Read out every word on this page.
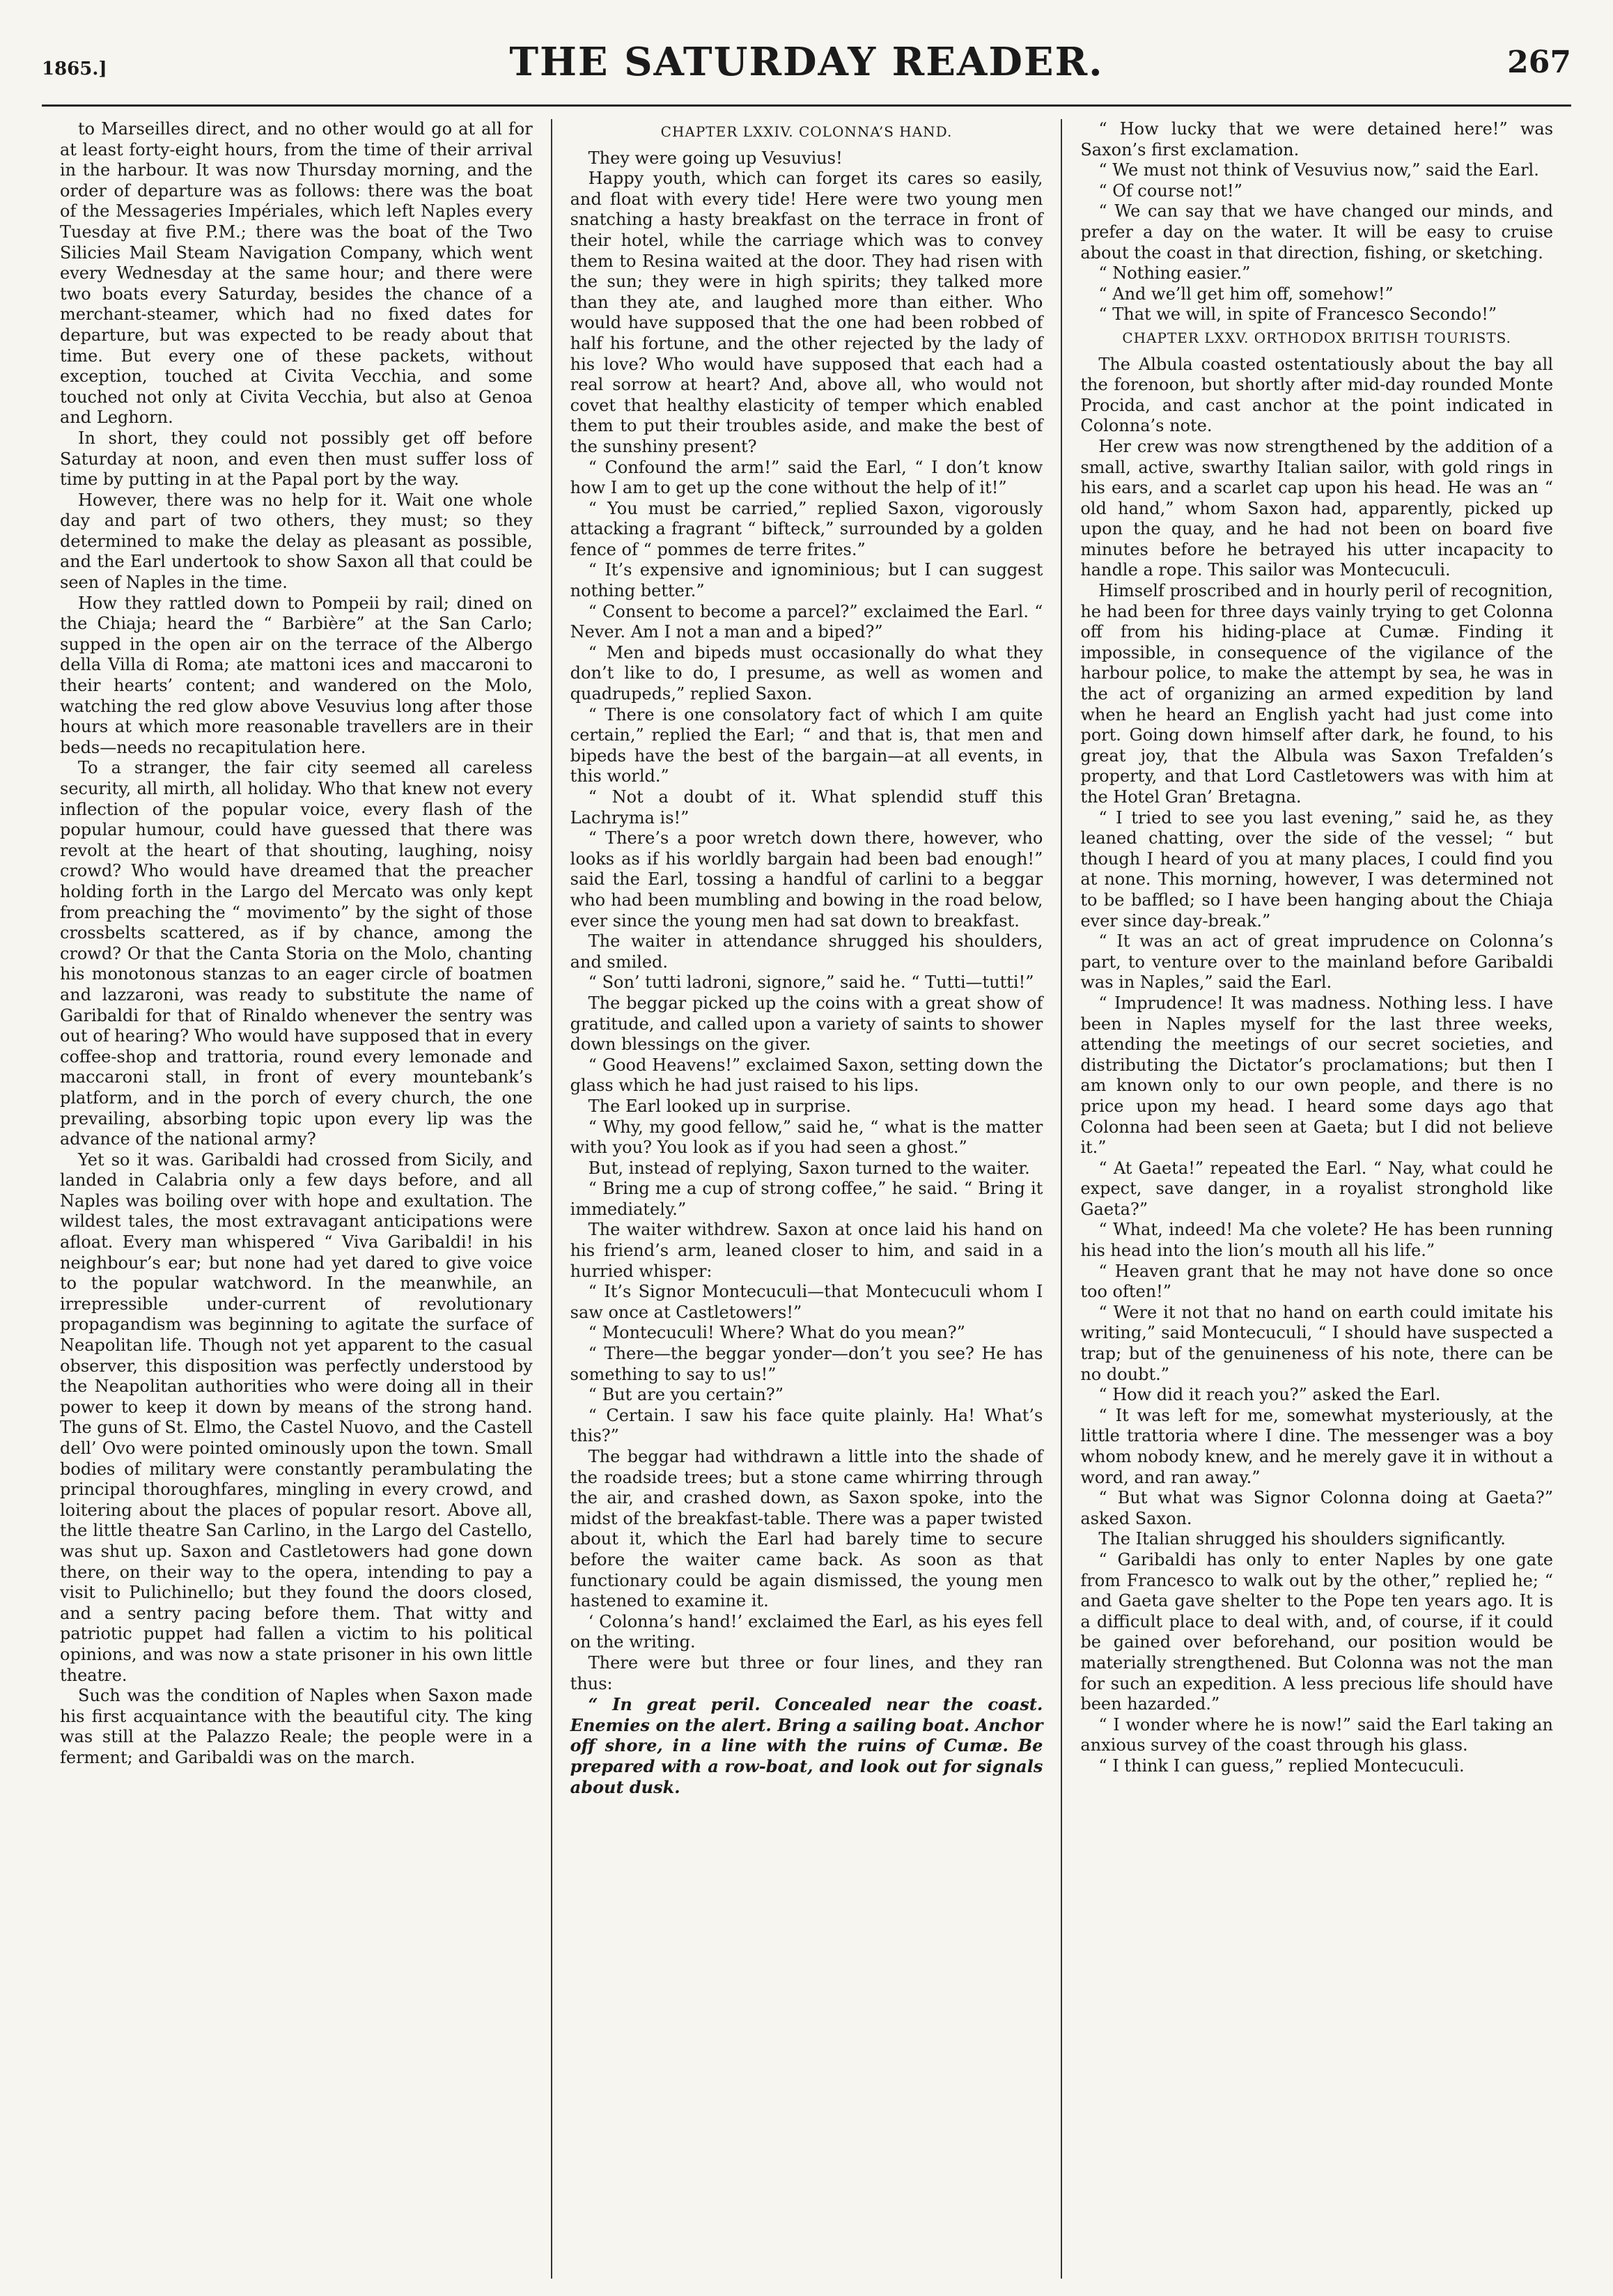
1865.]	THE SATURDAY READER.	267

to Marseilles direct, and no other would go at all for at least forty-eight hours, from the time of their arrival in the harbour. It was now Thursday morning, and the order of departure was as follows: there was the boat of the Messageries Impériales, which left Naples every Tuesday at five P.M.; there was the boat of the Two Silicies Mail Steam Navigation Company, which went every Wednesday at the same hour; and there were two boats every Saturday, besides the chance of a merchant-steamer, which had no fixed dates for departure, but was expected to be ready about that time. But every one of these packets, without exception, touched at Civita Vecchia, and some touched not only at Civita Vecchia, but also at Genoa and Leghorn.

In short, they could not possibly get off before Saturday at noon, and even then must suffer loss of time by putting in at the Papal port by the way.

However, there was no help for it. Wait one whole day and part of two others, they must; so they determined to make the delay as pleasant as possible, and the Earl undertook to show Saxon all that could be seen of Naples in the time.

How they rattled down to Pompeii by rail; dined on the Chiaja; heard the “ Barbière” at the San Carlo; supped in the open air on the terrace of the Albergo della Villa di Roma; ate mattoni ices and maccaroni to their hearts’ content; and wandered on the Molo, watching the red glow above Vesuvius long after those hours at which more reasonable travellers are in their beds—needs no recapitulation here.

To a stranger, the fair city seemed all careless security, all mirth, all holiday. Who that knew not every inflection of the popular voice, every flash of the popular humour, could have guessed that there was revolt at the heart of that shouting, laughing, noisy crowd? Who would have dreamed that the preacher holding forth in the Largo del Mercato was only kept from preaching the “ movimento” by the sight of those crossbelts scattered, as if by chance, among the crowd? Or that the Canta Storia on the Molo, chanting his monotonous stanzas to an eager circle of boatmen and lazzaroni, was ready to substitute the name of Garibaldi for that of Rinaldo whenever the sentry was out of hearing? Who would have supposed that in every coffee-shop and trattoria, round every lemonade and maccaroni stall, in front of every mountebank’s platform, and in the porch of every church, the one prevailing, absorbing topic upon every lip was the advance of the national army?

Yet so it was. Garibaldi had crossed from Sicily, and landed in Calabria only a few days before, and all Naples was boiling over with hope and exultation. The wildest tales, the most extravagant anticipations were afloat. Every man whispered “ Viva Garibaldi! in his neighbour’s ear; but none had yet dared to give voice to the popular watchword. In the meanwhile, an irrepressible under-current of revolutionary propagandism was beginning to agitate the surface of Neapolitan life. Though not yet apparent to the casual observer, this disposition was perfectly understood by the Neapolitan authorities who were doing all in their power to keep it down by means of the strong hand. The guns of St. Elmo, the Castel Nuovo, and the Castell dell’ Ovo were pointed ominously upon the town. Small bodies of military were constantly perambulating the principal thoroughfares, mingling in every crowd, and loitering about the places of popular resort. Above all, the little theatre San Carlino, in the Largo del Castello, was shut up. Saxon and Castletowers had gone down there, on their way to the opera, intending to pay a visit to Pulichinello; but they found the doors closed, and a sentry pacing before them. That witty and patriotic puppet had fallen a victim to his political opinions, and was now a state prisoner in his own little theatre.

Such was the condition of Naples when Saxon made his first acquaintance with the beautiful city. The king was still at the Palazzo Reale; the people were in a ferment; and Garibaldi was on the march.

CHAPTER LXXIV. COLONNA’S HAND.

They were going up Vesuvius!

Happy youth, which can forget its cares so easily, and float with every tide! Here were two young men snatching a hasty breakfast on the terrace in front of their hotel, while the carriage which was to convey them to Resina waited at the door. They had risen with the sun; they were in high spirits; they talked more than they ate, and laughed more than either. Who would have supposed that the one had been robbed of half his fortune, and the other rejected by the lady of his love? Who would have supposed that each had a real sorrow at heart? And, above all, who would not covet that healthy elasticity of temper which enabled them to put their troubles aside, and make the best of the sunshiny present?

“ Confound the arm!” said the Earl, “ I don’t know how I am to get up the cone without the help of it!”

“ You must be carried,” replied Saxon, vigorously attacking a fragrant “ bifteck,” surrounded by a golden fence of “ pommes de terre frites.”

“ It’s expensive and ignominious; but I can suggest nothing better.”

“ Consent to become a parcel?” exclaimed the Earl. “ Never. Am I not a man and a biped?”

“ Men and bipeds must occasionally do what they don’t like to do, I presume, as well as women and quadrupeds,” replied Saxon.

“ There is one consolatory fact of which I am quite certain,” replied the Earl; “ and that is, that men and bipeds have the best of the bargain—at all events, in this world.”

“ Not a doubt of it. What splendid stuff this Lachryma is!”

“ There’s a poor wretch down there, however, who looks as if his worldly bargain had been bad enough!” said the Earl, tossing a handful of carlini to a beggar who had been mumbling and bowing in the road below, ever since the young men had sat down to breakfast.

The waiter in attendance shrugged his shoulders, and smiled.

“ Son’ tutti ladroni, signore,” said he. “ Tutti—tutti!”

The beggar picked up the coins with a great show of gratitude, and called upon a variety of saints to shower down blessings on the giver.

“ Good Heavens!” exclaimed Saxon, setting down the glass which he had just raised to his lips.

The Earl looked up in surprise.

“ Why, my good fellow,” said he, “ what is the matter with you? You look as if you had seen a ghost.”

But, instead of replying, Saxon turned to the waiter.

“ Bring me a cup of strong coffee,” he said. “ Bring it immediately.”

The waiter withdrew. Saxon at once laid his hand on his friend’s arm, leaned closer to him, and said in a hurried whisper:

“ It’s Signor Montecuculi—that Montecuculi whom I saw once at Castletowers!”

“ Montecuculi! Where? What do you mean?”

“ There—the beggar yonder—don’t you see? He has something to say to us!”

“ But are you certain?”

“ Certain. I saw his face quite plainly. Ha! What’s this?”

The beggar had withdrawn a little into the shade of the roadside trees; but a stone came whirring through the air, and crashed down, as Saxon spoke, into the midst of the breakfast-table. There was a paper twisted about it, which the Earl had barely time to secure before the waiter came back. As soon as that functionary could be again dismissed, the young men hastened to examine it.

‘ Colonna’s hand!’ exclaimed the Earl, as his eyes fell on the writing.

There were but three or four lines, and they ran thus:

“ In great peril. Concealed near the coast. Enemies on the alert. Bring a sailing boat. Anchor off shore, in a line with the ruins of Cumæ. Be prepared with a row-boat, and look out for signals about dusk.

“ How lucky that we were detained here!” was Saxon’s first exclamation.

“ We must not think of Vesuvius now,” said the Earl.

“ Of course not!”

“ We can say that we have changed our minds, and prefer a day on the water. It will be easy to cruise about the coast in that direction, fishing, or sketching.

“ Nothing easier.”

“ And we’ll get him off, somehow!”

“ That we will, in spite of Francesco Secondo!”

CHAPTER LXXV. ORTHODOX BRITISH TOURISTS.

The Albula coasted ostentatiously about the bay all the forenoon, but shortly after mid-day rounded Monte Procida, and cast anchor at the point indicated in Colonna’s note.

Her crew was now strengthened by the addition of a small, active, swarthy Italian sailor, with gold rings in his ears, and a scarlet cap upon his head. He was an “ old hand,” whom Saxon had, apparently, picked up upon the quay, and he had not been on board five minutes before he betrayed his utter incapacity to handle a rope. This sailor was Montecuculi.

Himself proscribed and in hourly peril of recognition, he had been for three days vainly trying to get Colonna off from his hiding-place at Cumæ. Finding it impossible, in consequence of the vigilance of the harbour police, to make the attempt by sea, he was in the act of organizing an armed expedition by land when he heard an English yacht had just come into port. Going down himself after dark, he found, to his great joy, that the Albula was Saxon Trefalden’s property, and that Lord Castletowers was with him at the Hotel Gran’ Bretagna.

“ I tried to see you last evening,” said he, as they leaned chatting, over the side of the vessel; “ but though I heard of you at many places, I could find you at none. This morning, however, I was determined not to be baffled; so I have been hanging about the Chiaja ever since day-break.”

“ It was an act of great imprudence on Colonna’s part, to venture over to the mainland before Garibaldi was in Naples,” said the Earl.

“ Imprudence! It was madness. Nothing less. I have been in Naples myself for the last three weeks, attending the meetings of our secret societies, and distributing the Dictator’s proclamations; but then I am known only to our own people, and there is no price upon my head. I heard some days ago that Colonna had been seen at Gaeta; but I did not believe it.”

“ At Gaeta!” repeated the Earl. “ Nay, what could he expect, save danger, in a royalist stronghold like Gaeta?”

“ What, indeed! Ma che volete? He has been running his head into the lion’s mouth all his life.”

“ Heaven grant that he may not have done so once too often!”

“ Were it not that no hand on earth could imitate his writing,” said Montecuculi, “ I should have suspected a trap; but of the genuineness of his note, there can be no doubt.”

“ How did it reach you?” asked the Earl.

“ It was left for me, somewhat mysteriously, at the little trattoria where I dine. The messenger was a boy whom nobody knew, and he merely gave it in without a word, and ran away.”

“ But what was Signor Colonna doing at Gaeta?” asked Saxon.

The Italian shrugged his shoulders significantly.

“ Garibaldi has only to enter Naples by one gate from Francesco to walk out by the other,” replied he; “ and Gaeta gave shelter to the Pope ten years ago. It is a difficult place to deal with, and, of course, if it could be gained over beforehand, our position would be materially strengthened. But Colonna was not the man for such an expedition. A less precious life should have been hazarded.”

“ I wonder where he is now!” said the Earl taking an anxious survey of the coast through his glass.

“ I think I can guess,” replied Montecuculi.
